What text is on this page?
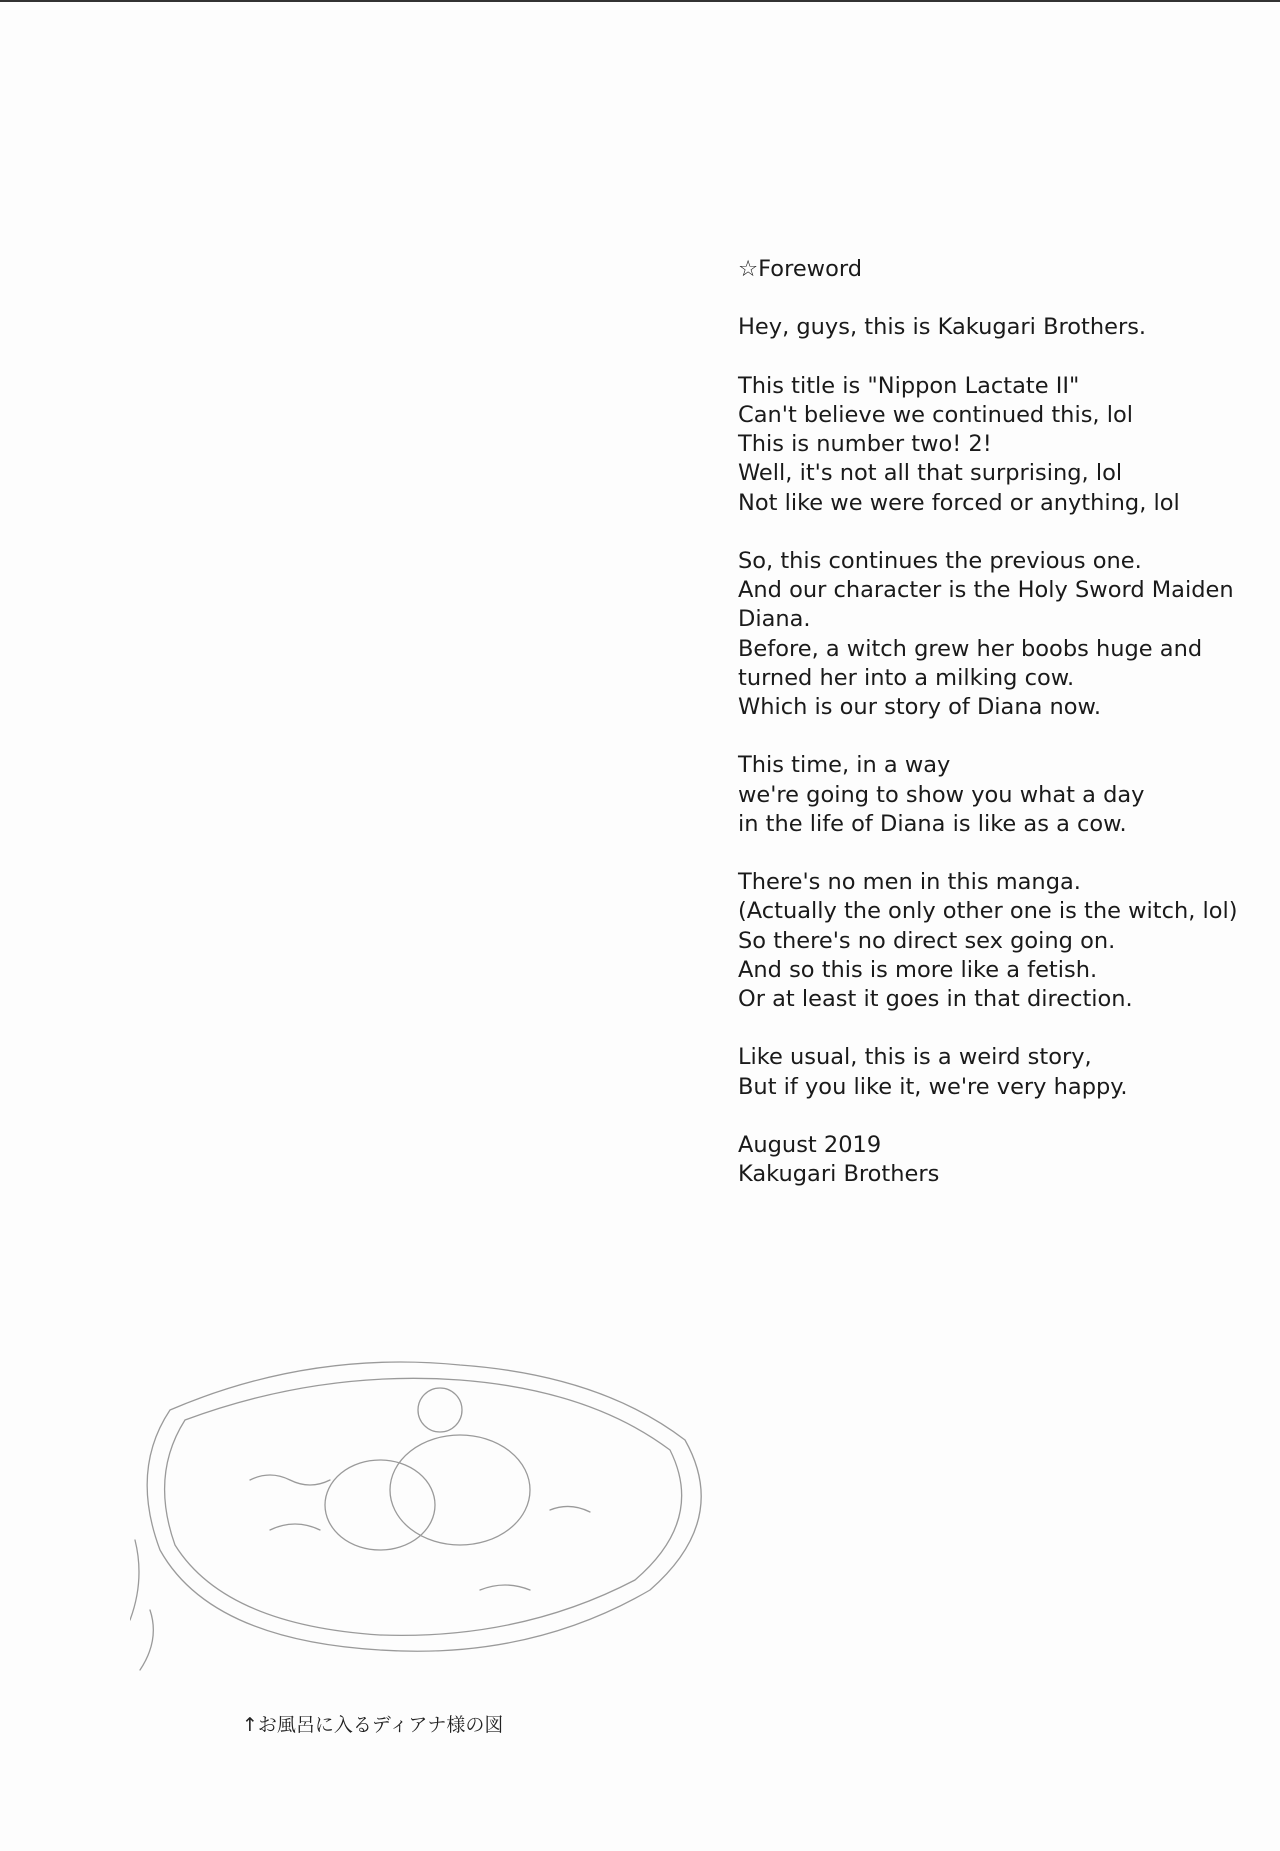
☆Foreword
Hey, guys, this is Kakugari Brothers.
This title is "Nippon Lactate II"
Can't believe we continued this, lol
This is number two! 2!
Well, it's not all that surprising, lol
Not like we were forced or anything, lol
So, this continues the previous one.
And our character is the Holy Sword Maiden
Diana.
Before, a witch grew her boobs huge and
turned her into a milking cow.
Which is our story of Diana now.
This time, in a way
we're going to show you what a day
in the life of Diana is like as a cow.
There's no men in this manga.
(Actually the only other one is the witch, lol)
So there's no direct sex going on.
And so this is more like a fetish.
Or at least it goes in that direction.
Like usual, this is a weird story,
But if you like it, we're very happy.
August 2019
Kakugari Brothers
↑お風呂に入るディアナ様の図
